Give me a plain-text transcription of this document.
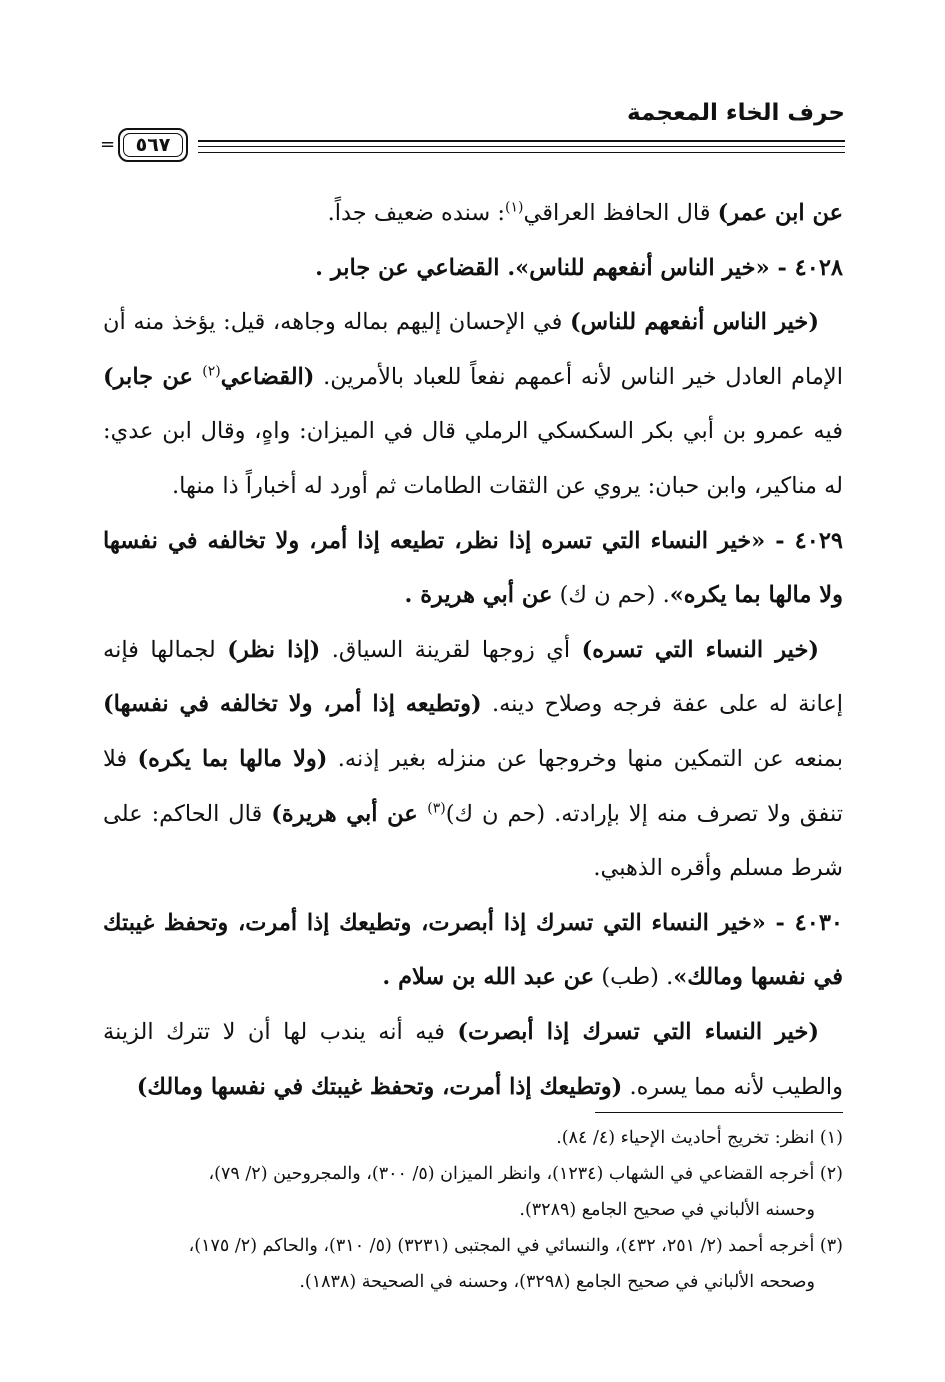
حرف الخاء المعجمة
٥٦٧
=

عن ابن عمر) قال الحافظ العراقي$^{(١)}$: سنده ضعيف جداً.

٤٠٢٨ - «خير الناس أنفعهم للناس». القضاعي عن جابر .

(خير الناس أنفعهم للناس) في الإحسان إليهم بماله وجاهه، قيل: يؤخذ منه أن الإمام العادل خير الناس لأنه أعمهم نفعاً للعباد بالأمرين. (القضاعي$^{(٢)}$ عن جابر) فيه عمرو بن أبي بكر السكسكي الرملي قال في الميزان: واهٍ، وقال ابن عدي: له مناكير، وابن حبان: يروي عن الثقات الطامات ثم أورد له أخباراً ذا منها.

٤٠٢٩ - «خير النساء التي تسره إذا نظر، تطيعه إذا أمر، ولا تخالفه في نفسها ولا مالها بما يكره». (حم ن ك) عن أبي هريرة .

(خير النساء التي تسره) أي زوجها لقرينة السياق. (إذا نظر) لجمالها فإنه إعانة له على عفة فرجه وصلاح دينه. (وتطيعه إذا أمر، ولا تخالفه في نفسها) بمنعه عن التمكين منها وخروجها عن منزله بغير إذنه. (ولا مالها بما يكره) فلا تنفق ولا تصرف منه إلا بإرادته. (حم ن ك)$^{(٣)}$ عن أبي هريرة) قال الحاكم: على شرط مسلم وأقره الذهبي.

٤٠٣٠ - «خير النساء التي تسرك إذا أبصرت، وتطيعك إذا أمرت، وتحفظ غيبتك في نفسها ومالك». (طب) عن عبد الله بن سلام .

(خير النساء التي تسرك إذا أبصرت) فيه أنه يندب لها أن لا تترك الزينة والطيب لأنه مما يسره. (وتطيعك إذا أمرت، وتحفظ غيبتك في نفسها ومالك)

(١) انظر: تخريج أحاديث الإحياء (٤/ ٨٤).

(٢) أخرجه القضاعي في الشهاب (١٢٣٤)، وانظر الميزان (٥/ ٣٠٠)، والمجروحين (٢/ ٧٩)،

وحسنه الألباني في صحيح الجامع (٣٢٨٩).

(٣) أخرجه أحمد (٢/ ٢٥١، ٤٣٢)، والنسائي في المجتبى (٣٢٣١) (٥/ ٣١٠)، والحاكم (٢/ ١٧٥)،

وصححه الألباني في صحيح الجامع (٣٢٩٨)، وحسنه في الصحيحة (١٨٣٨).
